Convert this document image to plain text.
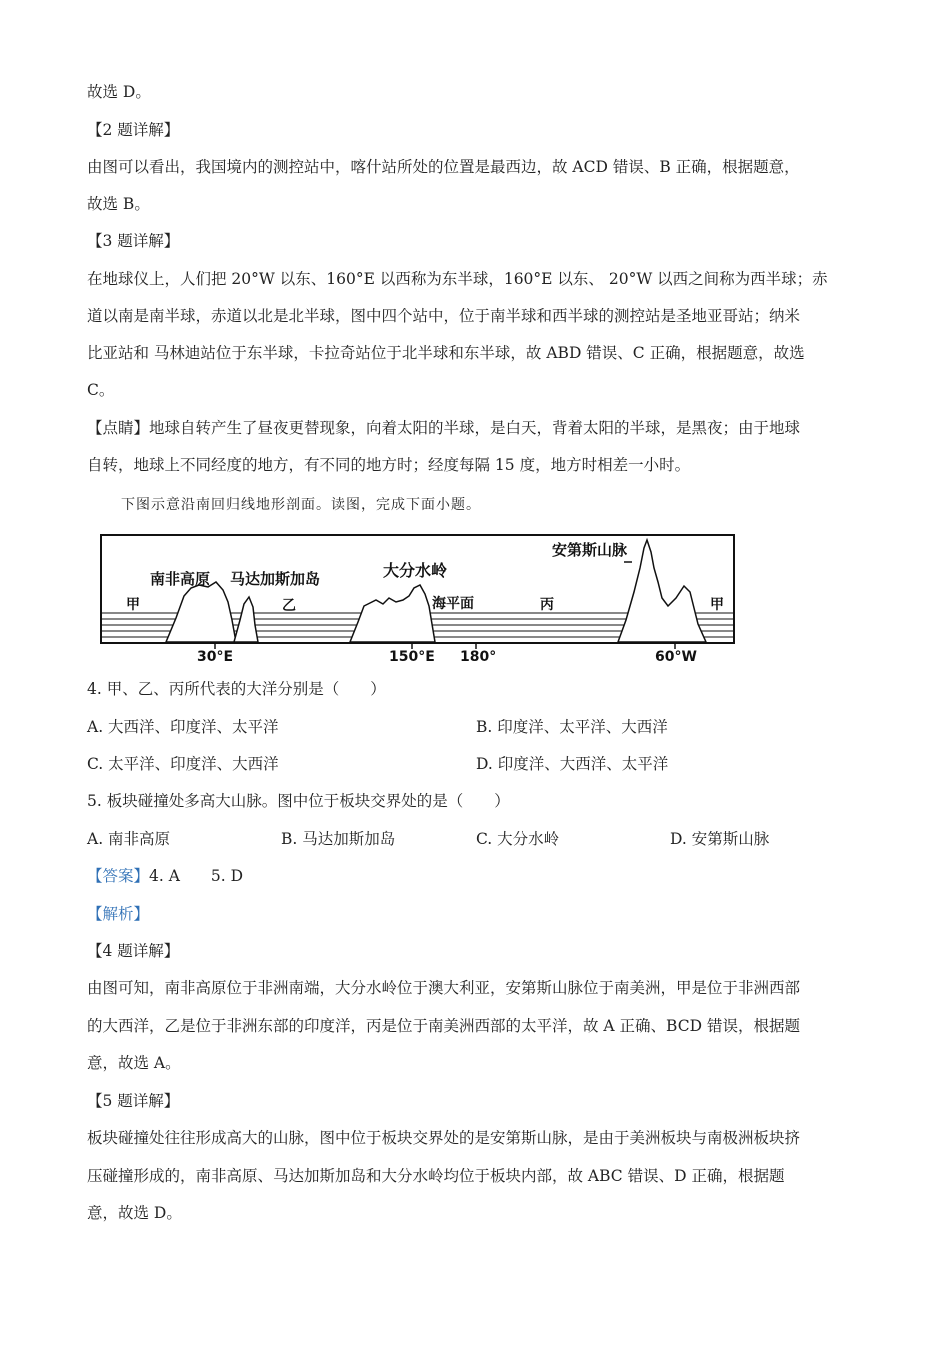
故选 D。
【2 题详解】
由图可以看出，我国境内的测控站中，喀什站所处的位置是最西边，故 ACD 错误、B 正确，根据题意，
故选 B。
【3 题详解】
在地球仪上，人们把 20°W 以东、160°E 以西称为东半球，160°E 以东、 20°W 以西之间称为西半球；赤
道以南是南半球，赤道以北是北半球，图中四个站中，位于南半球和西半球的测控站是圣地亚哥站；纳米
比亚站和 马林迪站位于东半球，卡拉奇站位于北半球和东半球，故 ABD 错误、C 正确，根据题意，故选
C。
【点睛】地球自转产生了昼夜更替现象，向着太阳的半球，是白天，背着太阳的半球，是黑夜；由于地球
自转，地球上不同经度的地方，有不同的地方时；经度每隔 15 度，地方时相差一小时。
下图示意沿南回归线地形剖面。读图，完成下面小题。
甲
南非高原 马达加斯加岛
乙
大分水岭
海平面	丙
安第斯山脉
甲
30°E	150°E 180°	60°W
4. 甲、乙、丙所代表的大洋分别是（　　）
A. 大西洋、印度洋、太平洋	B. 印度洋、太平洋、大西洋
C. 太平洋、印度洋、大西洋	D. 印度洋、大西洋、太平洋
5. 板块碰撞处多高大山脉。图中位于板块交界处的是（　　）
A. 南非高原	B. 马达加斯加岛	C. 大分水岭	D. 安第斯山脉
【答案】4. A　　5. D
【解析】
【4 题详解】
由图可知，南非高原位于非洲南端，大分水岭位于澳大利亚，安第斯山脉位于南美洲，甲是位于非洲西部
的大西洋，乙是位于非洲东部的印度洋，丙是位于南美洲西部的太平洋，故 A 正确、BCD 错误，根据题
意，故选 A。
【5 题详解】
板块碰撞处往往形成高大的山脉，图中位于板块交界处的是安第斯山脉，是由于美洲板块与南极洲板块挤
压碰撞形成的，南非高原、马达加斯加岛和大分水岭均位于板块内部，故 ABC 错误、D 正确，根据题
意，故选 D。
